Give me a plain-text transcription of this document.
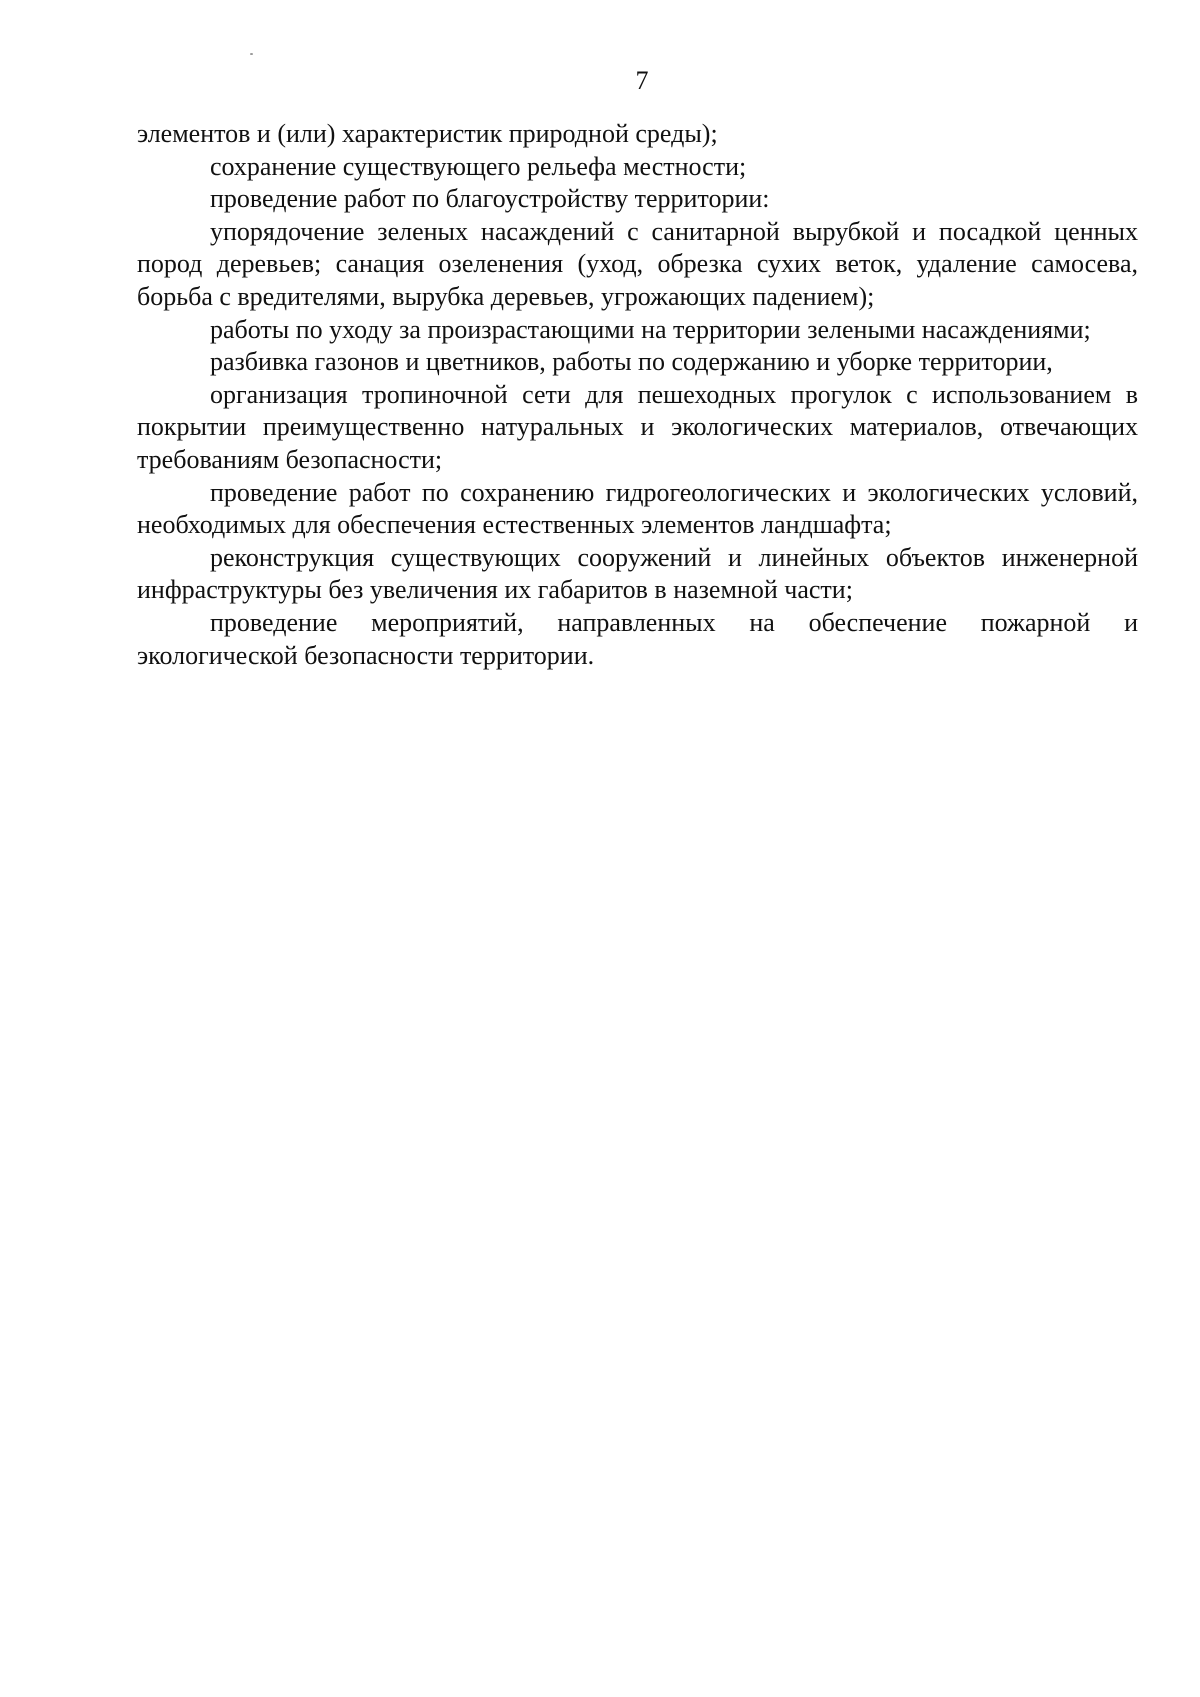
7

элементов и (или) характеристик природной среды);

сохранение существующего рельефа местности;

проведение работ по благоустройству территории:

упорядочение зеленых насаждений с санитарной вырубкой и посадкой ценных пород деревьев; санация озеленения (уход, обрезка сухих веток, удаление самосева, борьба с вредителями, вырубка деревьев, угрожающих падением);

работы по уходу за произрастающими на территории зелеными насаждениями;

разбивка газонов и цветников, работы по содержанию и уборке территории,

организация тропиночной сети для пешеходных прогулок с использованием в покрытии преимущественно натуральных и экологических материалов, отвечающих требованиям безопасности;

проведение работ по сохранению гидрогеологических и экологических условий, необходимых для обеспечения естественных элементов ландшафта;

реконструкция существующих сооружений и линейных объектов инженерной инфраструктуры без увеличения их габаритов в наземной части;

проведение мероприятий, направленных на обеспечение пожарной и экологической безопасности территории.
